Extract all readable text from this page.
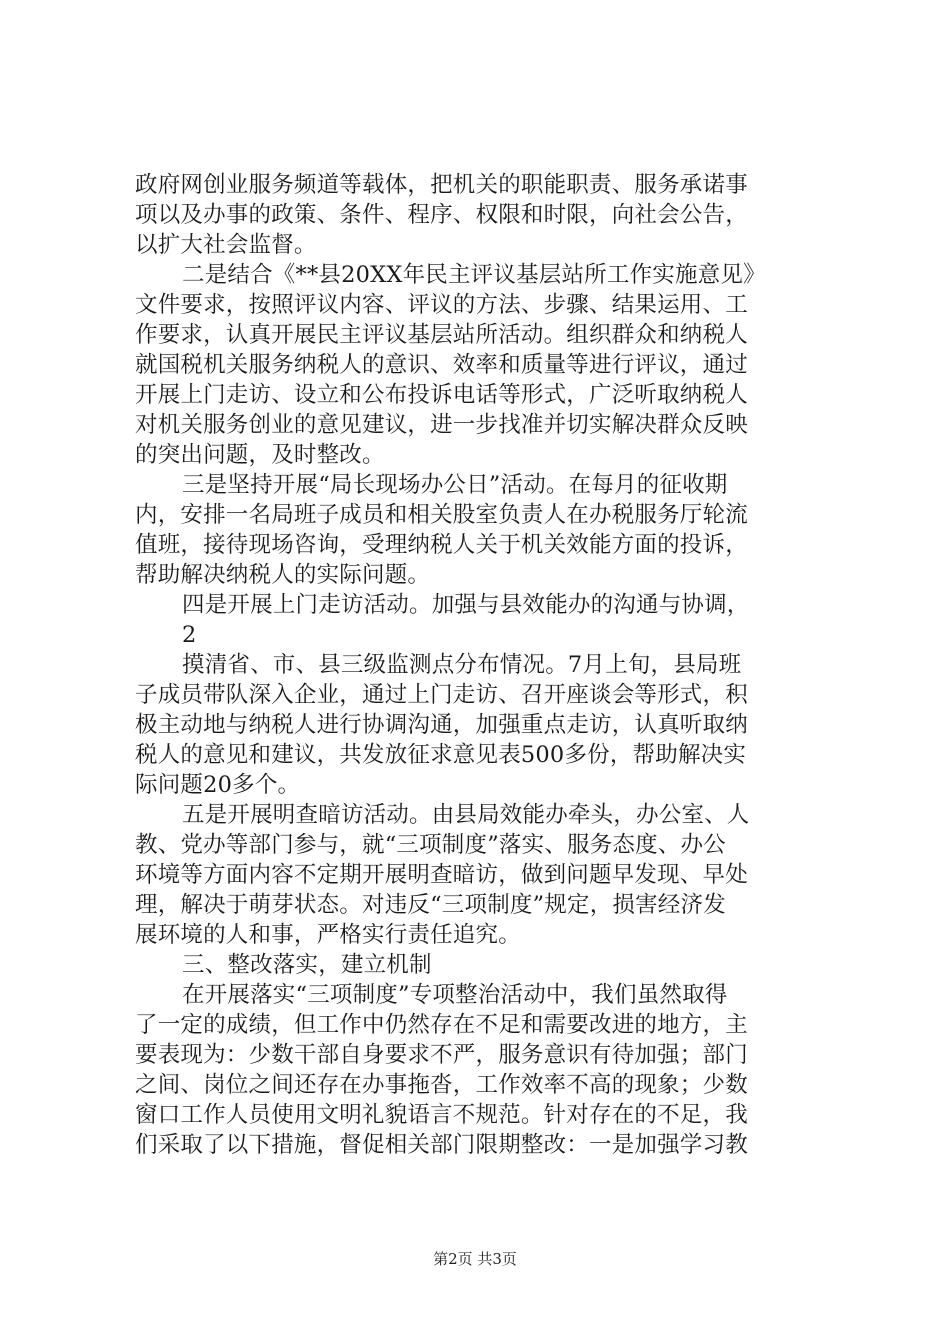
政府网创业服务频道等载体，把机关的职能职责、服务承诺事
项以及办事的政策、条件、程序、权限和时限，向社会公告，
以扩大社会监督。
二是结合《**县20XX年民主评议基层站所工作实施意见》
文件要求，按照评议内容、评议的方法、步骤、结果运用、工
作要求，认真开展民主评议基层站所活动。组织群众和纳税人
就国税机关服务纳税人的意识、效率和质量等进行评议，通过
开展上门走访、设立和公布投诉电话等形式，广泛听取纳税人
对机关服务创业的意见建议，进一步找准并切实解决群众反映
的突出问题，及时整改。
三是坚持开展“局长现场办公日”活动。在每月的征收期
内，安排一名局班子成员和相关股室负责人在办税服务厅轮流
值班，接待现场咨询，受理纳税人关于机关效能方面的投诉，
帮助解决纳税人的实际问题。
四是开展上门走访活动。加强与县效能办的沟通与协调，
2
摸清省、市、县三级监测点分布情况。7月上旬，县局班
子成员带队深入企业，通过上门走访、召开座谈会等形式，积
极主动地与纳税人进行协调沟通，加强重点走访，认真听取纳
税人的意见和建议，共发放征求意见表500多份，帮助解决实
际问题20多个。
五是开展明查暗访活动。由县局效能办牵头，办公室、人
教、党办等部门参与，就“三项制度”落实、服务态度、办公
环境等方面内容不定期开展明查暗访，做到问题早发现、早处
理，解决于萌芽状态。对违反“三项制度”规定，损害经济发
展环境的人和事，严格实行责任追究。
三、整改落实，建立机制
在开展落实“三项制度”专项整治活动中，我们虽然取得
了一定的成绩，但工作中仍然存在不足和需要改进的地方，主
要表现为：少数干部自身要求不严，服务意识有待加强；部门
之间、岗位之间还存在办事拖沓，工作效率不高的现象；少数
窗口工作人员使用文明礼貌语言不规范。针对存在的不足，我
们采取了以下措施，督促相关部门限期整改：一是加强学习教
第2页 共3页
